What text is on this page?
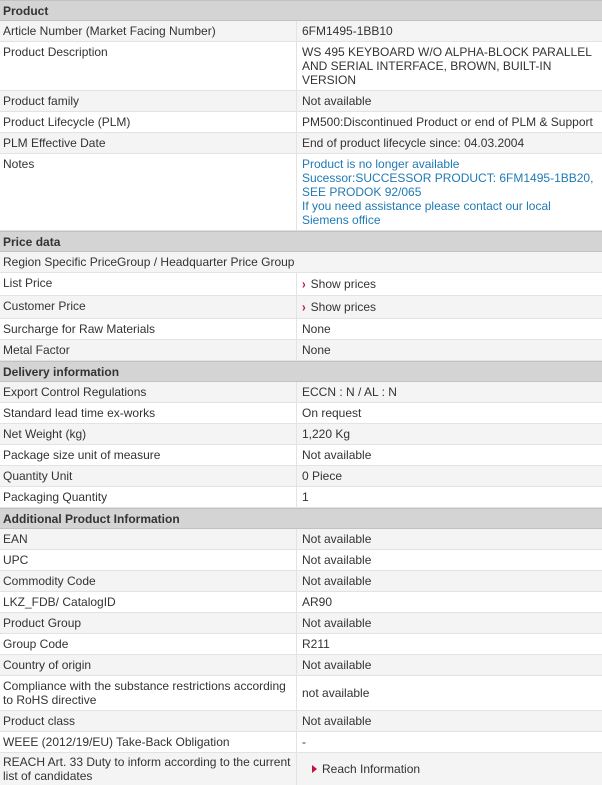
Product
Article Number (Market Facing Number)	6FM1495-1BB10
Product Description	WS 495 KEYBOARD W/O ALPHA-BLOCK PARALLEL AND SERIAL INTERFACE, BROWN, BUILT-IN VERSION
Product family	Not available
Product Lifecycle (PLM)	PM500:Discontinued Product or end of PLM & Support
PLM Effective Date	End of product lifecycle since: 04.03.2004
Notes	Product is no longer available
Sucessor:SUCCESSOR PRODUCT: 6FM1495-1BB20, SEE PRODOK 92/065
If you need assistance please contact our local Siemens office
Price data
Region Specific PriceGroup / Headquarter Price Group
List Price	› Show prices
Customer Price	› Show prices
Surcharge for Raw Materials	None
Metal Factor	None
Delivery information
Export Control Regulations	ECCN : N / AL : N
Standard lead time ex-works	On request
Net Weight (kg)	1,220 Kg
Package size unit of measure	Not available
Quantity Unit	0 Piece
Packaging Quantity	1
Additional Product Information
EAN	Not available
UPC	Not available
Commodity Code	Not available
LKZ_FDB/ CatalogID	AR90
Product Group	Not available
Group Code	R211
Country of origin	Not available
Compliance with the substance restrictions according to RoHS directive	not available
Product class	Not available
WEEE (2012/19/EU) Take-Back Obligation	-
REACH Art. 33 Duty to inform according to the current list of candidates	Reach Information
